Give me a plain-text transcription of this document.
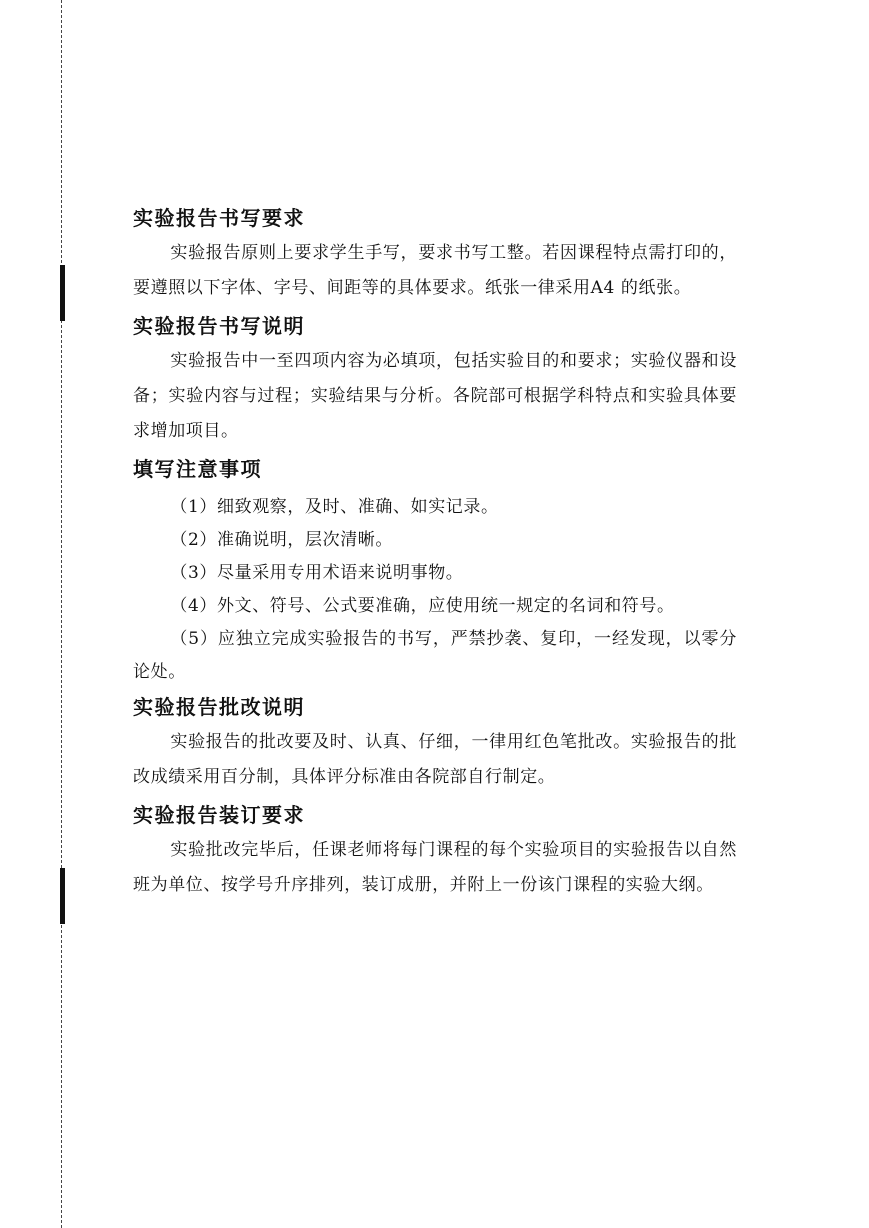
实验报告书写要求

实验报告原则上要求学生手写，要求书写工整。若因课程特点需打印的，要遵照以下字体、字号、间距等的具体要求。纸张一律采用A4 的纸张。

实验报告书写说明

实验报告中一至四项内容为必填项，包括实验目的和要求；实验仪器和设备；实验内容与过程；实验结果与分析。各院部可根据学科特点和实验具体要求增加项目。

填写注意事项

（1）细致观察，及时、准确、如实记录。

（2）准确说明，层次清晰。

（3）尽量采用专用术语来说明事物。

（4）外文、符号、公式要准确，应使用统一规定的名词和符号。

（5）应独立完成实验报告的书写，严禁抄袭、复印，一经发现，以零分论处。

实验报告批改说明

实验报告的批改要及时、认真、仔细，一律用红色笔批改。实验报告的批改成绩采用百分制，具体评分标准由各院部自行制定。

实验报告装订要求

实验批改完毕后，任课老师将每门课程的每个实验项目的实验报告以自然班为单位、按学号升序排列，装订成册，并附上一份该门课程的实验大纲。
